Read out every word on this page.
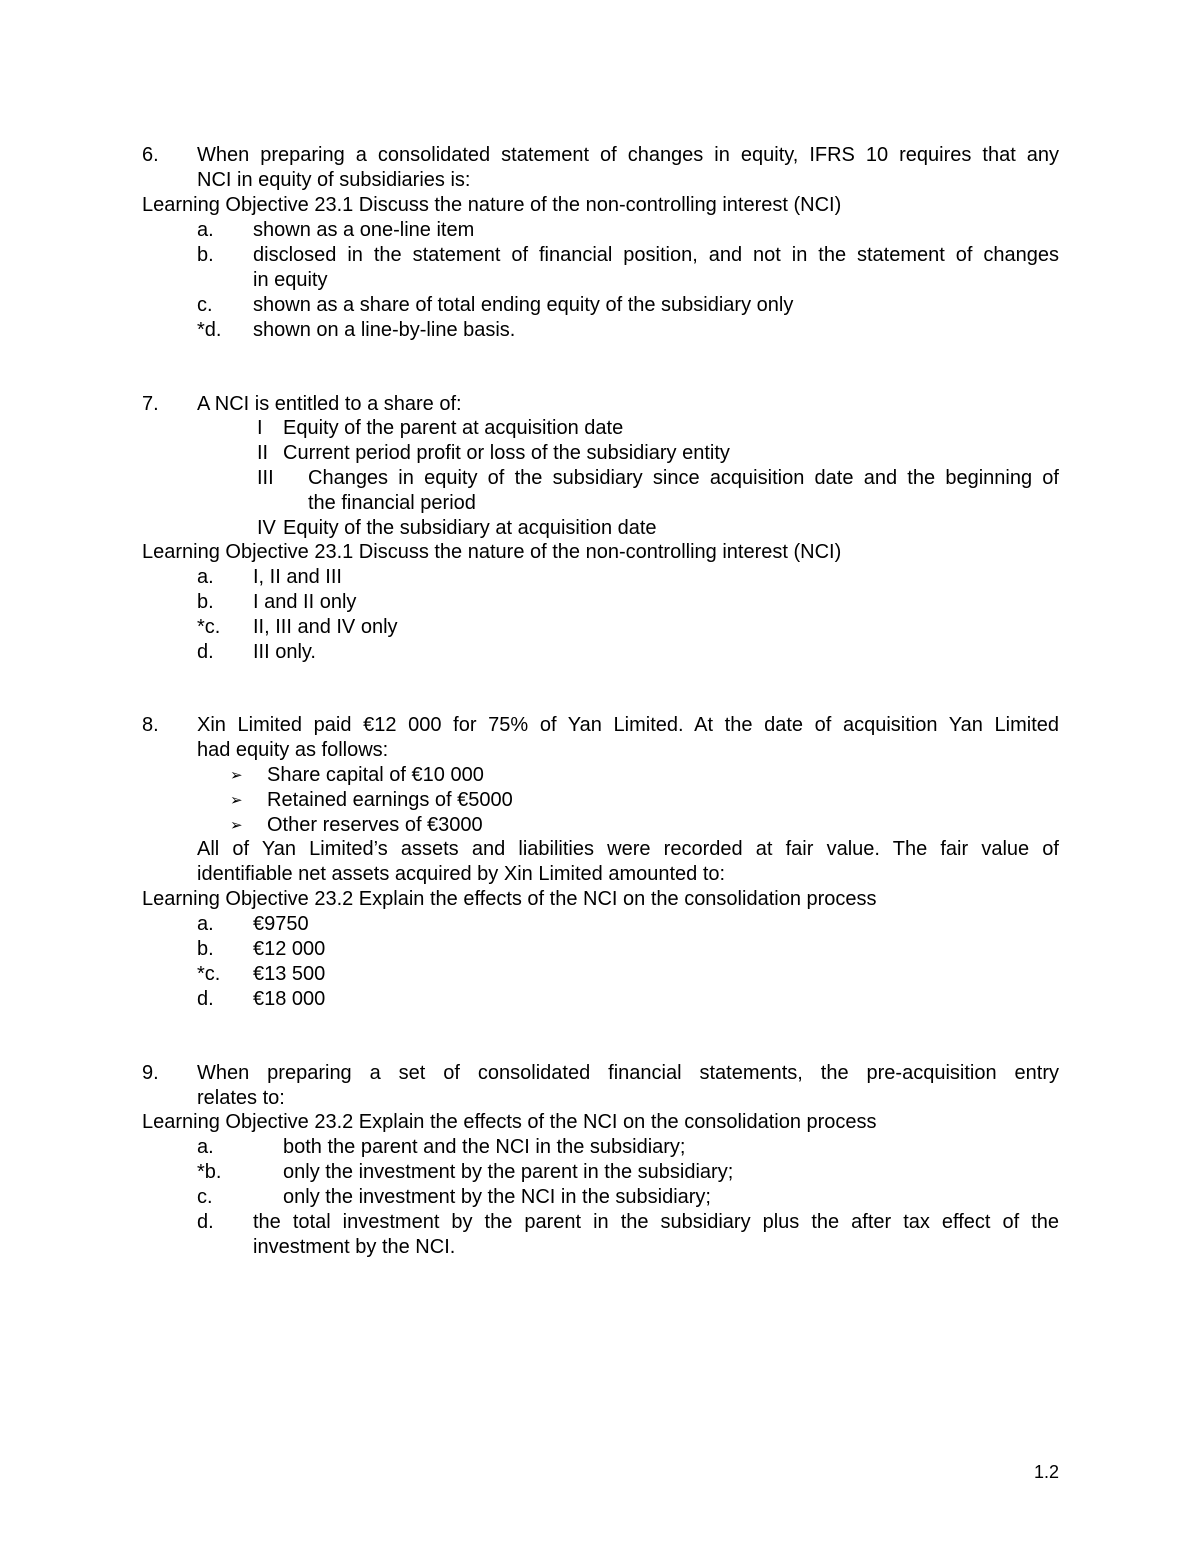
6. When preparing a consolidated statement of changes in equity, IFRS 10 requires that any
NCI in equity of subsidiaries is:
Learning Objective 23.1 Discuss the nature of the non-controlling interest (NCI)
a. shown as a one-line item
b. disclosed in the statement of financial position, and not in the statement of changes
in equity
c. shown as a share of total ending equity of the subsidiary only
*d. shown on a line-by-line basis.
7. A NCI is entitled to a share of:
I Equity of the parent at acquisition date
II Current period profit or loss of the subsidiary entity
III Changes in equity of the subsidiary since acquisition date and the beginning of
the financial period
IV Equity of the subsidiary at acquisition date
Learning Objective 23.1 Discuss the nature of the non-controlling interest (NCI)
a. I, II and III
b. I and II only
*c. II, III and IV only
d. III only.
8. Xin Limited paid €12 000 for 75% of Yan Limited. At the date of acquisition Yan Limited
had equity as follows:
➢ Share capital of €10 000
➢ Retained earnings of €5000
➢ Other reserves of €3000
All of Yan Limited’s assets and liabilities were recorded at fair value. The fair value of
identifiable net assets acquired by Xin Limited amounted to:
Learning Objective 23.2 Explain the effects of the NCI on the consolidation process
a. €9750
b. €12 000
*c. €13 500
d. €18 000
9. When preparing a set of consolidated financial statements, the pre-acquisition entry
relates to:
Learning Objective 23.2 Explain the effects of the NCI on the consolidation process
a.	both the parent and the NCI in the subsidiary;
*b.	only the investment by the parent in the subsidiary;
c.	only the investment by the NCI in the subsidiary;
d. the total investment by the parent in the subsidiary plus the after tax effect of the
investment by the NCI.
1.2
